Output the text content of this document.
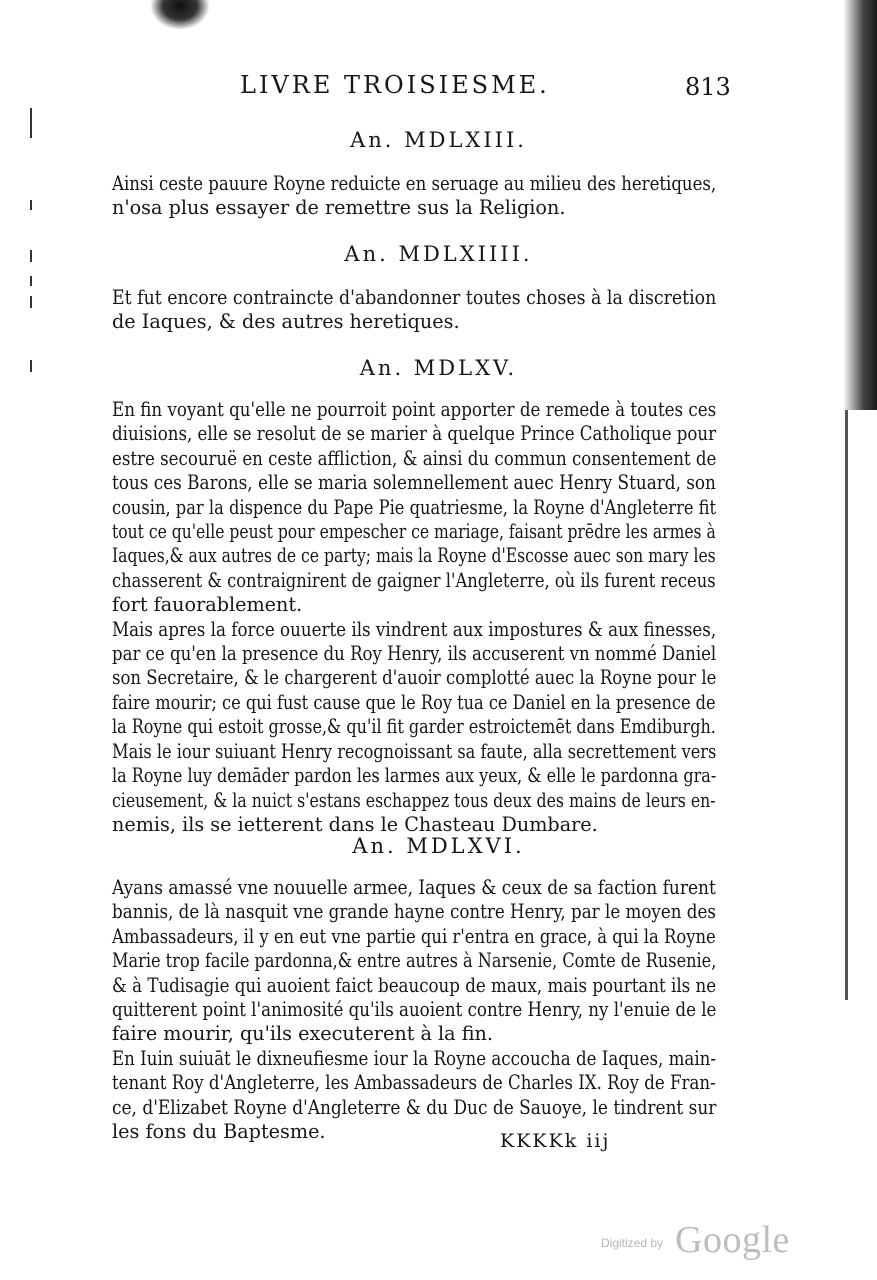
LIVRE TROISIESME.	813
An. MDLXIII.
Ainsi ceste pauure Royne reduicte en seruage au milieu des heretiques,
n'osa plus essayer de remettre sus la Religion.
An. MDLXIIII.
Et fut encore contraincte d'abandonner toutes choses à la discretion
de Iaques, & des autres heretiques.
An. MDLXV.
En fin voyant qu'elle ne pourroit point apporter de remede à toutes ces
diuisions, elle se resolut de se marier à quelque Prince Catholique pour
estre secouruë en ceste affliction, & ainsi du commun consentement de
tous ces Barons, elle se maria solemnellement auec Henry Stuard, son
cousin, par la dispence du Pape Pie quatriesme, la Royne d'Angleterre fit
tout ce qu'elle peust pour empescher ce mariage, faisant prēdre les armes à
Iaques,& aux autres de ce party; mais la Royne d'Escosse auec son mary les
chasserent & contraignirent de gaigner l'Angleterre, où ils furent receus
fort fauorablement.
Mais apres la force ouuerte ils vindrent aux impostures & aux finesses,
par ce qu'en la presence du Roy Henry, ils accuserent vn nommé Daniel
son Secretaire, & le chargerent d'auoir complotté auec la Royne pour le
faire mourir; ce qui fust cause que le Roy tua ce Daniel en la presence de
la Royne qui estoit grosse,& qu'il fit garder estroictemēt dans Emdiburgh.
Mais le iour suiuant Henry recognoissant sa faute, alla secrettement vers
la Royne luy demāder pardon les larmes aux yeux, & elle le pardonna gra-
cieusement, & la nuict s'estans eschappez tous deux des mains de leurs en-
nemis, ils se ietterent dans le Chasteau Dumbare.
An. MDLXVI.
Ayans amassé vne nouuelle armee, Iaques & ceux de sa faction furent
bannis, de là nasquit vne grande hayne contre Henry, par le moyen des
Ambassadeurs, il y en eut vne partie qui r'entra en grace, à qui la Royne
Marie trop facile pardonna,& entre autres à Narsenie, Comte de Rusenie,
& à Tudisagie qui auoient faict beaucoup de maux, mais pourtant ils ne
quitterent point l'animosité qu'ils auoient contre Henry, ny l'enuie de le
faire mourir, qu'ils executerent à la fin.
En Iuin suiuāt le dixneufiesme iour la Royne accoucha de Iaques, main-
tenant Roy d'Angleterre, les Ambassadeurs de Charles IX. Roy de Fran-
ce, d'Elizabet Royne d'Angleterre & du Duc de Sauoye, le tindrent sur
les fons du Baptesme.	KKKKk iij
Digitized by Google
